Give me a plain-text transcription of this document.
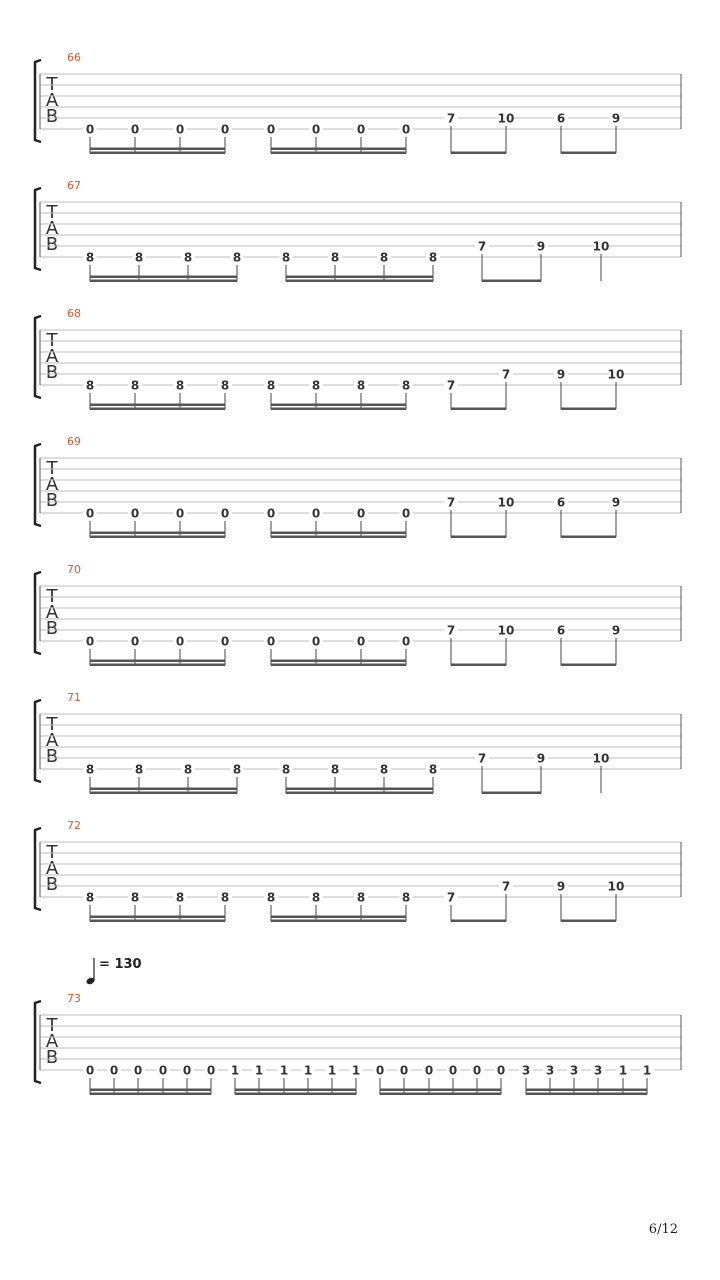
66
T
A
B
0	0	0	0	0	0	0	0
7	10	6	9
67
T
A
B
8	8	8	8	8	8	8	8
7	9	10
68
T
A
B
8	8	8	8	8	8	8	8	7
7	9	10
69
T
A
B
0	0	0	0	0	0	0	0
7	10	6	9
70
T
A
B
0	0	0	0	0	0	0	0
7	10	6	9
71
T
A
B
8	8	8	8	8	8	8	8
7	9	10
72
T
A
B
8	8	8	8	8	8	8	8	7
7	9	10
73
T
A
B
0 0 0 0 0 0 1 1 1 1 1 1 0 0 0 0 0 0 3 3 3 3 1 1
= 130
6/12
